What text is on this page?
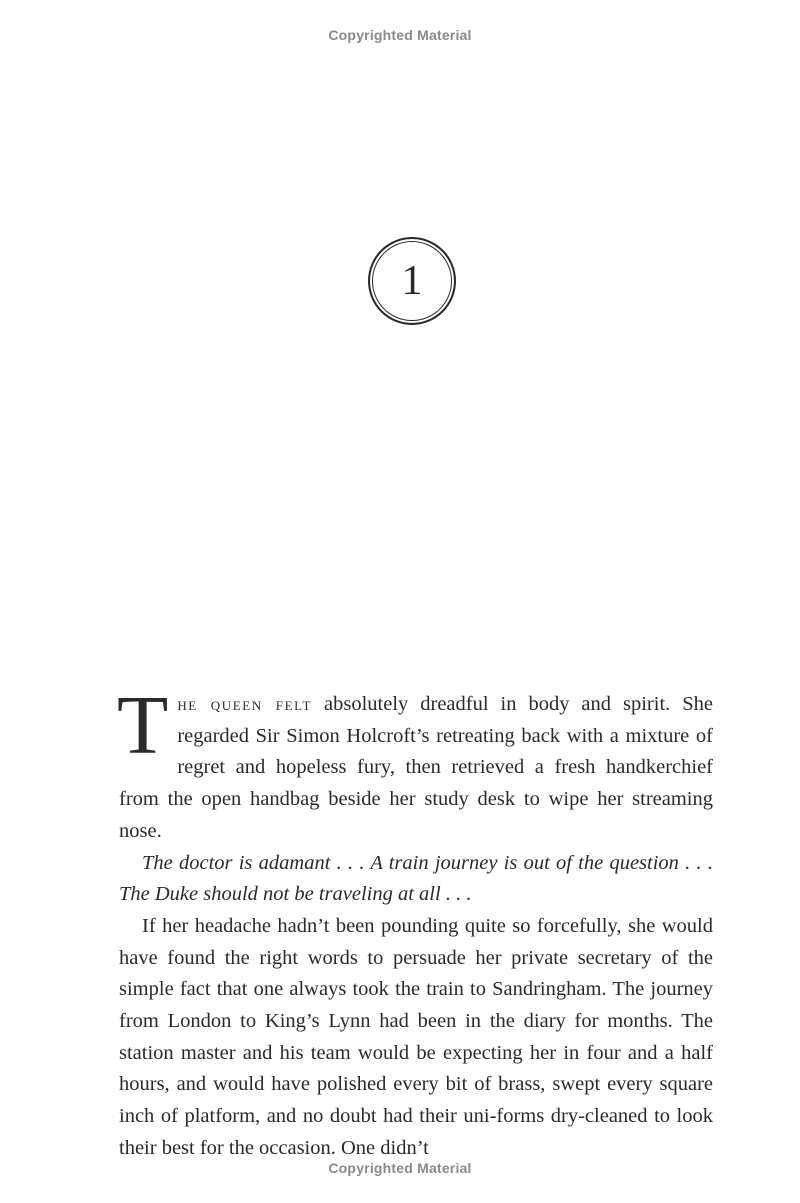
Copyrighted Material
1

The queen felt absolutely dreadful in body and spirit. She regarded Sir Simon Holcroft’s retreating back with a mixture of regret and hopeless fury, then retrieved a fresh handkerchief from the open handbag beside her study desk to wipe her streaming nose.

The doctor is adamant . . . A train journey is out of the question . . . The Duke should not be traveling at all . . .

If her headache hadn’t been pounding quite so forcefully, she would have found the right words to persuade her private secretary of the simple fact that one always took the train to Sandringham. The journey from London to King’s Lynn had been in the diary for months. The station master and his team would be expecting her in four and a half hours, and would have polished every bit of brass, swept every square inch of platform, and no doubt had their uni-forms dry-cleaned to look their best for the occasion. One didn’t

Copyrighted Material
